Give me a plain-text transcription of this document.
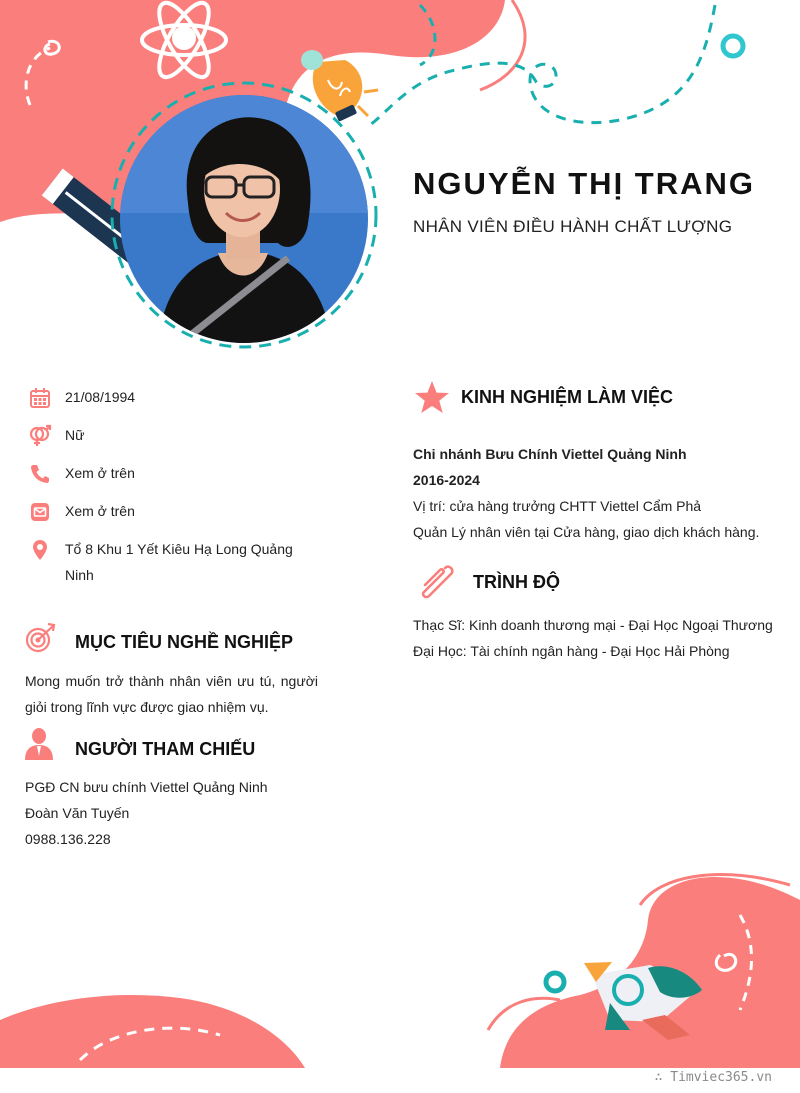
NGUYỄN THỊ TRANG
NHÂN VIÊN ĐIỀU HÀNH CHẤT LƯỢNG
21/08/1994
Nữ
Xem ở trên
Xem ở trên
Tổ 8 Khu 1 Yết Kiêu Hạ Long Quảng Ninh
MỤC TIÊU NGHỀ NGHIỆP
Mong muốn trở thành nhân viên ưu tú, người giỏi trong lĩnh vực được giao nhiệm vụ.
NGƯỜI THAM CHIẾU
PGĐ CN bưu chính Viettel Quảng Ninh
Đoàn Văn Tuyến
0988.136.228
KINH NGHIỆM LÀM VIỆC
Chi nhánh Bưu Chính Viettel Quảng Ninh
2016-2024
Vị trí: cửa hàng trưởng CHTT Viettel Cẩm Phả
Quản Lý nhân viên tại Cửa hàng, giao dịch khách hàng.
TRÌNH ĐỘ
Thạc Sĩ: Kinh doanh thương mại - Đại Học Ngoại Thương
Đại Học: Tài chính ngân hàng - Đại Học Hải Phòng
∴ Timviec365.vn
